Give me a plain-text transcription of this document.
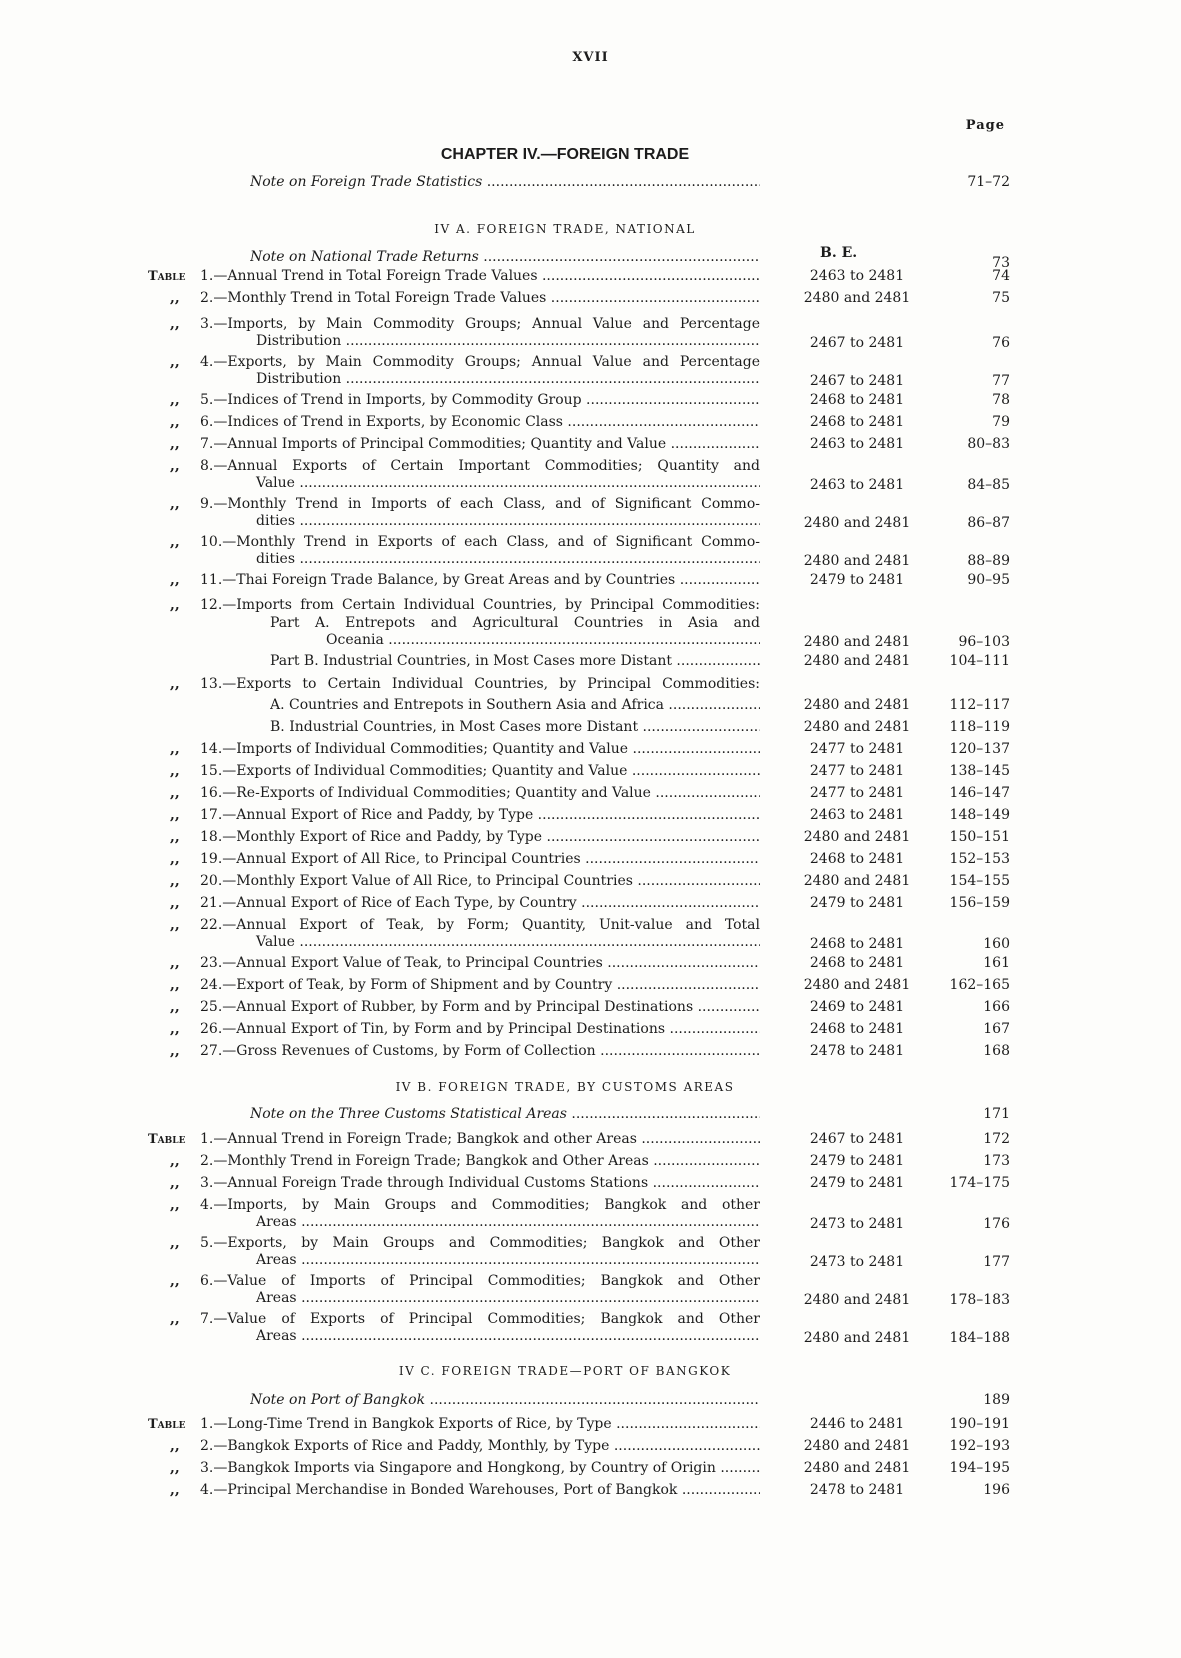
XVII
Page
CHAPTER IV.—FOREIGN TRADE
Note on Foreign Trade Statistics .....	71–72
IV A. FOREIGN TRADE, NATIONAL
B. E.
Note on National Trade Returns .....	73
Table 1.—Annual Trend in Total Foreign Trade Values .....	2463 to 2481	74
,, 2.—Monthly Trend in Total Foreign Trade Values .....	2480 and 2481	75
,, 3.—Imports, by Main Commodity Groups; Annual Value and Percentage
Distribution .....	2467 to 2481	76
,, 4.—Exports, by Main Commodity Groups; Annual Value and Percentage
Distribution .....	2467 to 2481	77
,, 5.—Indices of Trend in Imports, by Commodity Group .....	2468 to 2481	78
,, 6.—Indices of Trend in Exports, by Economic Class .....	2468 to 2481	79
,, 7.—Annual Imports of Principal Commodities; Quantity and Value .....	2463 to 2481	80–83
,, 8.—Annual Exports of Certain Important Commodities; Quantity and
Value .....	2463 to 2481	84–85
,, 9.—Monthly Trend in Imports of each Class, and of Significant Commo-
dities .....	2480 and 2481	86–87
,, 10.—Monthly Trend in Exports of each Class, and of Significant Commo-
dities .....	2480 and 2481	88–89
,, 11.—Thai Foreign Trade Balance, by Great Areas and by Countries .....	2479 to 2481	90–95
,, 12.—Imports from Certain Individual Countries, by Principal Commodities:
Part A. Entrepots and Agricultural Countries in Asia and
Oceania .....	2480 and 2481	96–103
Part B. Industrial Countries, in Most Cases more Distant .....	2480 and 2481	104–111
,, 13.—Exports to Certain Individual Countries, by Principal Commodities:
A. Countries and Entrepots in Southern Asia and Africa .....	2480 and 2481	112–117
B. Industrial Countries, in Most Cases more Distant .....	2480 and 2481	118–119
,, 14.—Imports of Individual Commodities; Quantity and Value .....	2477 to 2481	120–137
,, 15.—Exports of Individual Commodities; Quantity and Value .....	2477 to 2481	138–145
,, 16.—Re-Exports of Individual Commodities; Quantity and Value .....	2477 to 2481	146–147
,, 17.—Annual Export of Rice and Paddy, by Type .....	2463 to 2481	148–149
,, 18.—Monthly Export of Rice and Paddy, by Type .....	2480 and 2481	150–151
,, 19.—Annual Export of All Rice, to Principal Countries .....	2468 to 2481	152–153
,, 20.—Monthly Export Value of All Rice, to Principal Countries .....	2480 and 2481	154–155
,, 21.—Annual Export of Rice of Each Type, by Country .....	2479 to 2481	156–159
,, 22.—Annual Export of Teak, by Form; Quantity, Unit-value and Total
Value .....	2468 to 2481	160
,, 23.—Annual Export Value of Teak, to Principal Countries .....	2468 to 2481	161
,, 24.—Export of Teak, by Form of Shipment and by Country .....	2480 and 2481	162–165
,, 25.—Annual Export of Rubber, by Form and by Principal Destinations .....	2469 to 2481	166
,, 26.—Annual Export of Tin, by Form and by Principal Destinations .....	2468 to 2481	167
,, 27.—Gross Revenues of Customs, by Form of Collection .....	2478 to 2481	168
IV B. FOREIGN TRADE, BY CUSTOMS AREAS
Note on the Three Customs Statistical Areas .....	171
Table 1.—Annual Trend in Foreign Trade; Bangkok and other Areas .....	2467 to 2481	172
,, 2.—Monthly Trend in Foreign Trade; Bangkok and Other Areas .....	2479 to 2481	173
,, 3.—Annual Foreign Trade through Individual Customs Stations .....	2479 to 2481	174–175
,, 4.—Imports, by Main Groups and Commodities; Bangkok and other
Areas .....	2473 to 2481	176
,, 5.—Exports, by Main Groups and Commodities; Bangkok and Other
Areas .....	2473 to 2481	177
,, 6.—Value of Imports of Principal Commodities; Bangkok and Other
Areas .....	2480 and 2481	178–183
,, 7.—Value of Exports of Principal Commodities; Bangkok and Other
Areas .....	2480 and 2481	184–188
IV C. FOREIGN TRADE—PORT OF BANGKOK
Note on Port of Bangkok .....	189
Table 1.—Long-Time Trend in Bangkok Exports of Rice, by Type .....	2446 to 2481	190–191
,, 2.—Bangkok Exports of Rice and Paddy, Monthly, by Type .....	2480 and 2481	192–193
,, 3.—Bangkok Imports via Singapore and Hongkong, by Country of Origin .....	2480 and 2481	194–195
,, 4.—Principal Merchandise in Bonded Warehouses, Port of Bangkok .....	2478 to 2481	196
